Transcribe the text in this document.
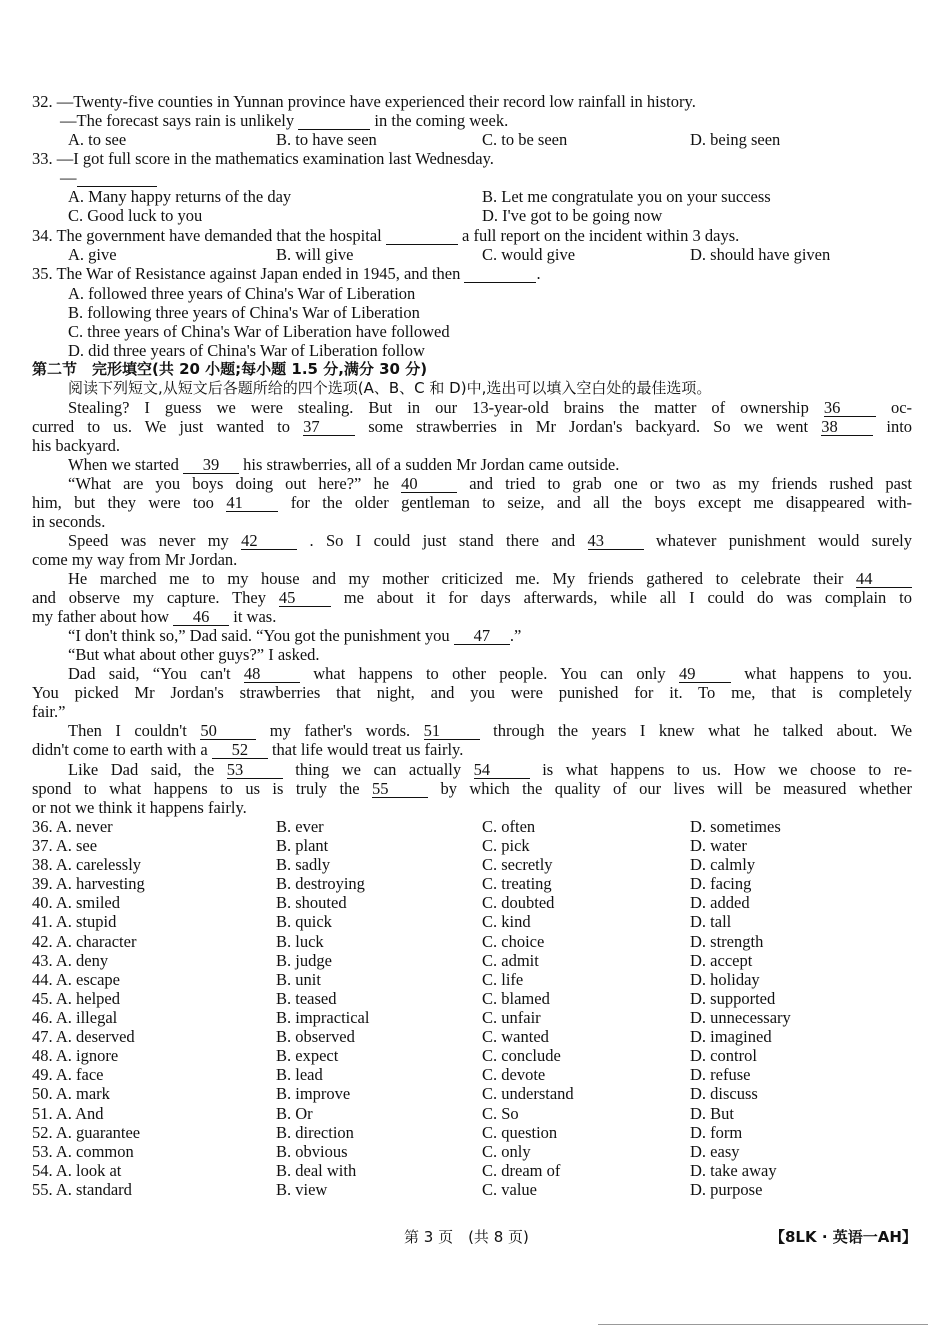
32. —Twenty-five counties in Yunnan province have experienced their record low rainfall in history.
—The forecast says rain is unlikely	in the coming week.
A. to see	B. to have seen	C. to be seen	D. being seen
33. —I got full score in the mathematics examination last Wednesday.
—
A. Many happy returns of the day	B. Let me congratulate you on your success
C. Good luck to you	D. I've got to be going now
34. The government have demanded that the hospital	a full report on the incident within 3 days.
A. give	B. will give	C. would give	D. should have given
35. The War of Resistance against Japan ended in 1945, and then	.
A. followed three years of China's War of Liberation
B. following three years of China's War of Liberation
C. three years of China's War of Liberation have followed
D. did three years of China's War of Liberation follow
第二节　完形填空(共 20 小题;每小题 1.5 分,满分 30 分)
阅读下列短文,从短文后各题所给的四个选项(A、B、C 和 D)中,选出可以填入空白处的最佳选项。
Stealing? I guess we were stealing. But in our 13-year-old brains the matter of ownership 36	oc-
curred to us. We just wanted to 37	some strawberries in Mr Jordan's backyard. So we went 38	into
his backyard.
When we started 39 his strawberries, all of a sudden Mr Jordan came outside.
“What are you boys doing out here?” he 40	and tried to grab one or two as my friends rushed past
him, but they were too 41	for the older gentleman to seize, and all the boys except me disappeared with-
in seconds.
Speed was never my 42	. So I could just stand there and 43	whatever punishment would surely
come my way from Mr Jordan.
He marched me to my house and my mother criticized me. My friends gathered to celebrate their 44
and observe my capture. They 45	me about it for days afterwards, while all I could do was complain to
my father about how 46 it was.
“I don't think so,” Dad said. “You got the punishment you 47 .”
“But what about other guys?” I asked.
Dad said, “You can't 48	what happens to other people. You can only 49	what happens to you.
You picked Mr Jordan's strawberries that night, and you were punished for it. To me, that is completely
fair.”
Then I couldn't 50	my father's words. 51	through the years I knew what he talked about. We
didn't come to earth with a 52 that life would treat us fairly.
Like Dad said, the 53	thing we can actually 54	is what happens to us. How we choose to re-
spond to what happens to us is truly the 55	by which the quality of our lives will be measured whether
or not we think it happens fairly.
36. A. never	B. ever	C. often	D. sometimes
37. A. see	B. plant	C. pick	D. water
38. A. carelessly	B. sadly	C. secretly	D. calmly
39. A. harvesting	B. destroying	C. treating	D. facing
40. A. smiled	B. shouted	C. doubted	D. added
41. A. stupid	B. quick	C. kind	D. tall
42. A. character	B. luck	C. choice	D. strength
43. A. deny	B. judge	C. admit	D. accept
44. A. escape	B. unit	C. life	D. holiday
45. A. helped	B. teased	C. blamed	D. supported
46. A. illegal	B. impractical	C. unfair	D. unnecessary
47. A. deserved	B. observed	C. wanted	D. imagined
48. A. ignore	B. expect	C. conclude	D. control
49. A. face	B. lead	C. devote	D. refuse
50. A. mark	B. improve	C. understand	D. discuss
51. A. And	B. Or	C. So	D. But
52. A. guarantee	B. direction	C. question	D. form
53. A. common	B. obvious	C. only	D. easy
54. A. look at	B. deal with	C. dream of	D. take away
55. A. standard	B. view	C. value	D. purpose
第 3 页　(共 8 页)	【8LK · 英语一AH】
